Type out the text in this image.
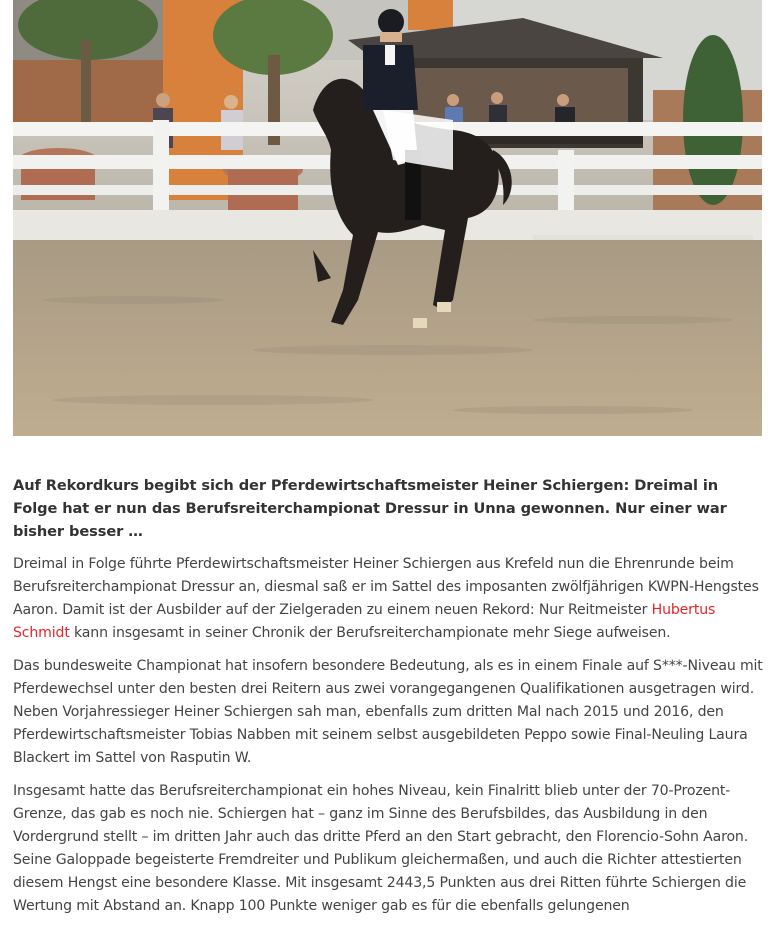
Auf Rekordkurs begibt sich der Pferdewirtschaftsmeister Heiner Schiergen: Dreimal in Folge hat er nun das Berufsreiterchampionat Dressur in Unna gewonnen. Nur einer war bisher besser …

Dreimal in Folge führte Pferdewirtschaftsmeister Heiner Schiergen aus Krefeld nun die Ehrenrunde beim Berufsreiterchampionat Dressur an, diesmal saß er im Sattel des imposanten zwölfjährigen KWPN-Hengstes Aaron. Damit ist der Ausbilder auf der Zielgeraden zu einem neuen Rekord: Nur Reitmeister Hubertus Schmidt kann insgesamt in seiner Chronik der Berufsreiterchampionate mehr Siege aufweisen.

Das bundesweite Championat hat insofern besondere Bedeutung, als es in einem Finale auf S***-Niveau mit Pferdewechsel unter den besten drei Reitern aus zwei vorangegangenen Qualifikationen ausgetragen wird. Neben Vorjahressieger Heiner Schiergen sah man, ebenfalls zum dritten Mal nach 2015 und 2016, den Pferdewirtschaftsmeister Tobias Nabben mit seinem selbst ausgebildeten Peppo sowie Final-Neuling Laura Blackert im Sattel von Rasputin W.

Insgesamt hatte das Berufsreiterchampionat ein hohes Niveau, kein Finalritt blieb unter der 70-Prozent-Grenze, das gab es noch nie. Schiergen hat – ganz im Sinne des Berufsbildes, das Ausbildung in den Vordergrund stellt – im dritten Jahr auch das dritte Pferd an den Start gebracht, den Florencio-Sohn Aaron. Seine Galoppade begeisterte Fremdreiter und Publikum gleichermaßen, und auch die Richter attestierten diesem Hengst eine besondere Klasse. Mit insgesamt 2443,5 Punkten aus drei Ritten führte Schiergen die Wertung mit Abstand an. Knapp 100 Punkte weniger gab es für die ebenfalls gelungenen
